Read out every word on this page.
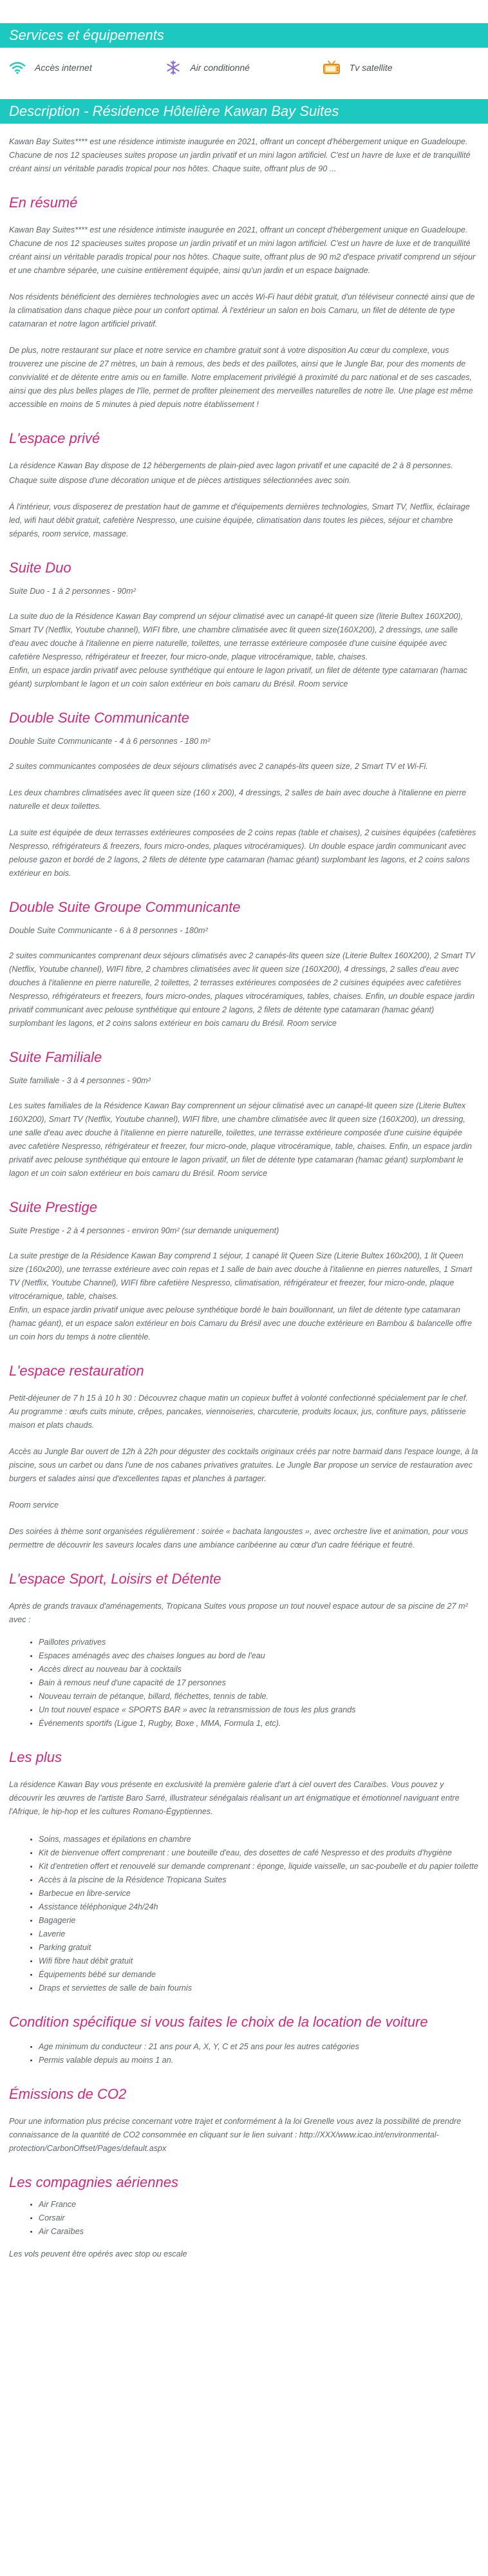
Services et équipements
Accès internet	Air conditionné	Tv satellite
Description - Résidence Hôtelière Kawan Bay Suites

Kawan Bay Suites**** est une résidence intimiste inaugurée en 2021, offrant un concept d'hébergement unique en Guadeloupe. Chacune de nos 12 spacieuses suites propose un jardin privatif et un mini lagon artificiel. C'est un havre de luxe et de tranquillité créant ainsi un véritable paradis tropical pour nos hôtes. Chaque suite, offrant plus de 90 ...

En résumé

Kawan Bay Suites**** est une résidence intimiste inaugurée en 2021, offrant un concept d'hébergement unique en Guadeloupe. Chacune de nos 12 spacieuses suites propose un jardin privatif et un mini lagon artificiel. C'est un havre de luxe et de tranquillité créant ainsi un véritable paradis tropical pour nos hôtes. Chaque suite, offrant plus de 90 m2 d'espace privatif comprend un séjour et une chambre séparée, une cuisine entièrement équipée, ainsi qu'un jardin et un espace baignade.

Nos résidents bénéficient des dernières technologies avec un accès Wi-Fi haut débit gratuit, d'un téléviseur connecté ainsi que de la climatisation dans chaque pièce pour un confort optimal. À l'extérieur un salon en bois Camaru, un filet de détente de type catamaran et notre lagon artificiel privatif.

De plus, notre restaurant sur place et notre service en chambre gratuit sont à votre disposition Au cœur du complexe, vous trouverez une piscine de 27 mètres, un bain à remous, des beds et des paillotes, ainsi que le Jungle Bar, pour des moments de convivialité et de détente entre amis ou en famille. Notre emplacement privilégié à proximité du parc national et de ses cascades, ainsi que des plus belles plages de l'île, permet de profiter pleinement des merveilles naturelles de notre île. Une plage est même accessible en moins de 5 minutes à pied depuis notre établissement !

L'espace privé

La résidence Kawan Bay dispose de 12 hébergements de plain-pied avec lagon privatif et une capacité de 2 à 8 personnes.

Chaque suite dispose d'une décoration unique et de pièces artistiques sélectionnées avec soin.

À l'intérieur, vous disposerez de prestation haut de gamme et d'équipements dernières technologies, Smart TV, Netflix, éclairage led, wifi haut débit gratuit, cafetière Nespresso, une cuisine équipée, climatisation dans toutes les pièces, séjour et chambre séparés, room service, massage.

Suite Duo
Suite Duo - 1 à 2 personnes - 90m²

La suite duo de la Résidence Kawan Bay comprend un séjour climatisé avec un canapé-lit queen size (literie Bultex 160X200), Smart TV (Netflix, Youtube channel), WIFI fibre, une chambre climatisée avec lit queen size(160X200), 2 dressings, une salle d'eau avec douche à l'italienne en pierre naturelle, toilettes, une terrasse extérieure composée d'une cuisine équipée avec cafetière Nespresso, réfrigérateur et freezer, four micro-onde, plaque vitrocéramique, table, chaises.

Enfin, un espace jardin privatif avec pelouse synthétique qui entoure le lagon privatif, un filet de détente type catamaran (hamac géant) surplombant le lagon et un coin salon extérieur en bois camaru du Brésil. Room service

Double Suite Communicante
Double Suite Communicante - 4 à 6 personnes - 180 m²

2 suites communicantes composées de deux séjours climatisés avec 2 canapés-lits queen size, 2 Smart TV et Wi-Fi.

Les deux chambres climatisées avec lit queen size (160 x 200), 4 dressings, 2 salles de bain avec douche à l'italienne en pierre naturelle et deux toilettes.

La suite est équipée de deux terrasses extérieures composées de 2 coins repas (table et chaises), 2 cuisines équipées (cafetières Nespresso, réfrigérateurs & freezers, fours micro-ondes, plaques vitrocéramiques). Un double espace jardin communicant avec pelouse gazon et bordé de 2 lagons, 2 filets de détente type catamaran (hamac géant) surplombant les lagons, et 2 coins salons extérieur en bois.

Double Suite Groupe Communicante
Double Suite Communicante - 6 à 8 personnes - 180m²

2 suites communicantes comprenant deux séjours climatisés avec 2 canapés-lits queen size (Literie Bultex 160X200), 2 Smart TV (Netflix, Youtube channel), WIFI fibre, 2 chambres climatisées avec lit queen size (160X200), 4 dressings, 2 salles d'eau avec douches à l'italienne en pierre naturelle, 2 toilettes, 2 terrasses extérieures composées de 2 cuisines équipées avec cafetières Nespresso, réfrigérateurs et freezers, fours micro-ondes, plaques vitrocéramiques, tables, chaises. Enfin, un double espace jardin privatif communicant avec pelouse synthétique qui entoure 2 lagons, 2 filets de détente type catamaran (hamac géant) surplombant les lagons, et 2 coins salons extérieur en bois camaru du Brésil. Room service

Suite Familiale
Suite familiale - 3 à 4 personnes - 90m²

Les suites familiales de la Résidence Kawan Bay comprennent un séjour climatisé avec un canapé-lit queen size (Literie Bultex 160X200), Smart TV (Netflix, Youtube channel), WIFI fibre, une chambre climatisée avec lit queen size (160X200), un dressing, une salle d'eau avec douche à l'italienne en pierre naturelle, toilettes, une terrasse extérieure composée d'une cuisine équipée avec cafetière Nespresso, réfrigérateur et freezer, four micro-onde, plaque vitrocéramique, table, chaises. Enfin, un espace jardin privatif avec pelouse synthétique qui entoure le lagon privatif, un filet de détente type catamaran (hamac géant) surplombant le lagon et un coin salon extérieur en bois camaru du Brésil. Room service

Suite Prestige
Suite Prestige - 2 à 4 personnes - environ 90m² (sur demande uniquement)

La suite prestige de la Résidence Kawan Bay comprend 1 séjour, 1 canapé lit Queen Size (Literie Bultex 160x200), 1 lit Queen size (160x200), une terrasse extérieure avec coin repas et 1 salle de bain avec douche à l'italienne en pierres naturelles, 1 Smart TV (Netflix, Youtube Channel), WIFI fibre cafetière Nespresso, climatisation, réfrigérateur et freezer, four micro-onde, plaque vitrocéramique, table, chaises.

Enfin, un espace jardin privatif unique avec pelouse synthétique bordé le bain bouillonnant, un filet de détente type catamaran (hamac géant), et un espace salon extérieur en bois Camaru du Brésil avec une douche extérieure en Bambou & balancelle offre un coin hors du temps à notre clientèle.

L'espace restauration

Petit-déjeuner de 7 h 15 à 10 h 30 : Découvrez chaque matin un copieux buffet à volonté confectionné spécialement par le chef. Au programme : œufs cuits minute, crêpes, pancakes, viennoiseries, charcuterie, produits locaux, jus, confiture pays, pâtisserie maison et plats chauds.

Accès au Jungle Bar ouvert de 12h à 22h pour déguster des cocktails originaux créés par notre barmaid dans l'espace lounge, à la piscine, sous un carbet ou dans l'une de nos cabanes privatives gratuites. Le Jungle Bar propose un service de restauration avec burgers et salades ainsi que d'excellentes tapas et planches à partager.

Room service

Des soirées à thème sont organisées régulièrement : soirée « bachata langoustes », avec orchestre live et animation, pour vous permettre de découvrir les saveurs locales dans une ambiance caribéenne au cœur d'un cadre féérique et feutré.

L'espace Sport, Loisirs et Détente

Après de grands travaux d'aménagements, Tropicana Suites vous propose un tout nouvel espace autour de sa piscine de 27 m² avec :

• Paillotes privatives
• Espaces aménagés avec des chaises longues au bord de l'eau
• Accès direct au nouveau bar à cocktails
• Bain à remous neuf d'une capacité de 17 personnes
• Nouveau terrain de pétanque, billard, fléchettes, tennis de table.
• Un tout nouvel espace « SPORTS BAR » avec la retransmission de tous les plus grands
• Événements sportifs (Ligue 1, Rugby, Boxe , MMA, Formula 1, etc).
Les plus

La résidence Kawan Bay vous présente en exclusivité la première galerie d'art à ciel ouvert des Caraïbes. Vous pouvez y découvrir les œuvres de l'artiste Baro Sarré, illustrateur sénégalais réalisant un art énigmatique et émotionnel naviguant entre l'Afrique, le hip-hop et les cultures Romano-Égyptiennes.

• Soins, massages et épilations en chambre
• Kit de bienvenue offert comprenant : une bouteille d'eau, des dosettes de café Nespresso et des produits d'hygiène
• Kit d'entretien offert et renouvelé sur demande comprenant : éponge, liquide vaisselle, un sac-poubelle et du papier toilette
• Accès à la piscine de la Résidence Tropicana Suites
• Barbecue en libre-service
• Assistance téléphonique 24h/24h
• Bagagerie
• Laverie
• Parking gratuit
• Wifi fibre haut débit gratuit
• Équipements bébé sur demande
• Draps et serviettes de salle de bain fournis
Condition spécifique si vous faites le choix de la location de voiture
• Age minimum du conducteur : 21 ans pour A, X, Y, C et 25 ans pour les autres catégories
• Permis valable depuis au moins 1 an.
Émissions de CO2

Pour une information plus précise concernant votre trajet et conformément à la loi Grenelle vous avez la possibilité de prendre connaissance de la quantité de CO2 consommée en cliquant sur le lien suivant : http://XXX/www.icao.int/environmental-protection/CarbonOffset/Pages/default.aspx

Les compagnies aériennes
• Air France
• Corsair
• Air Caraïbes

Les vols peuvent être opérés avec stop ou escale
